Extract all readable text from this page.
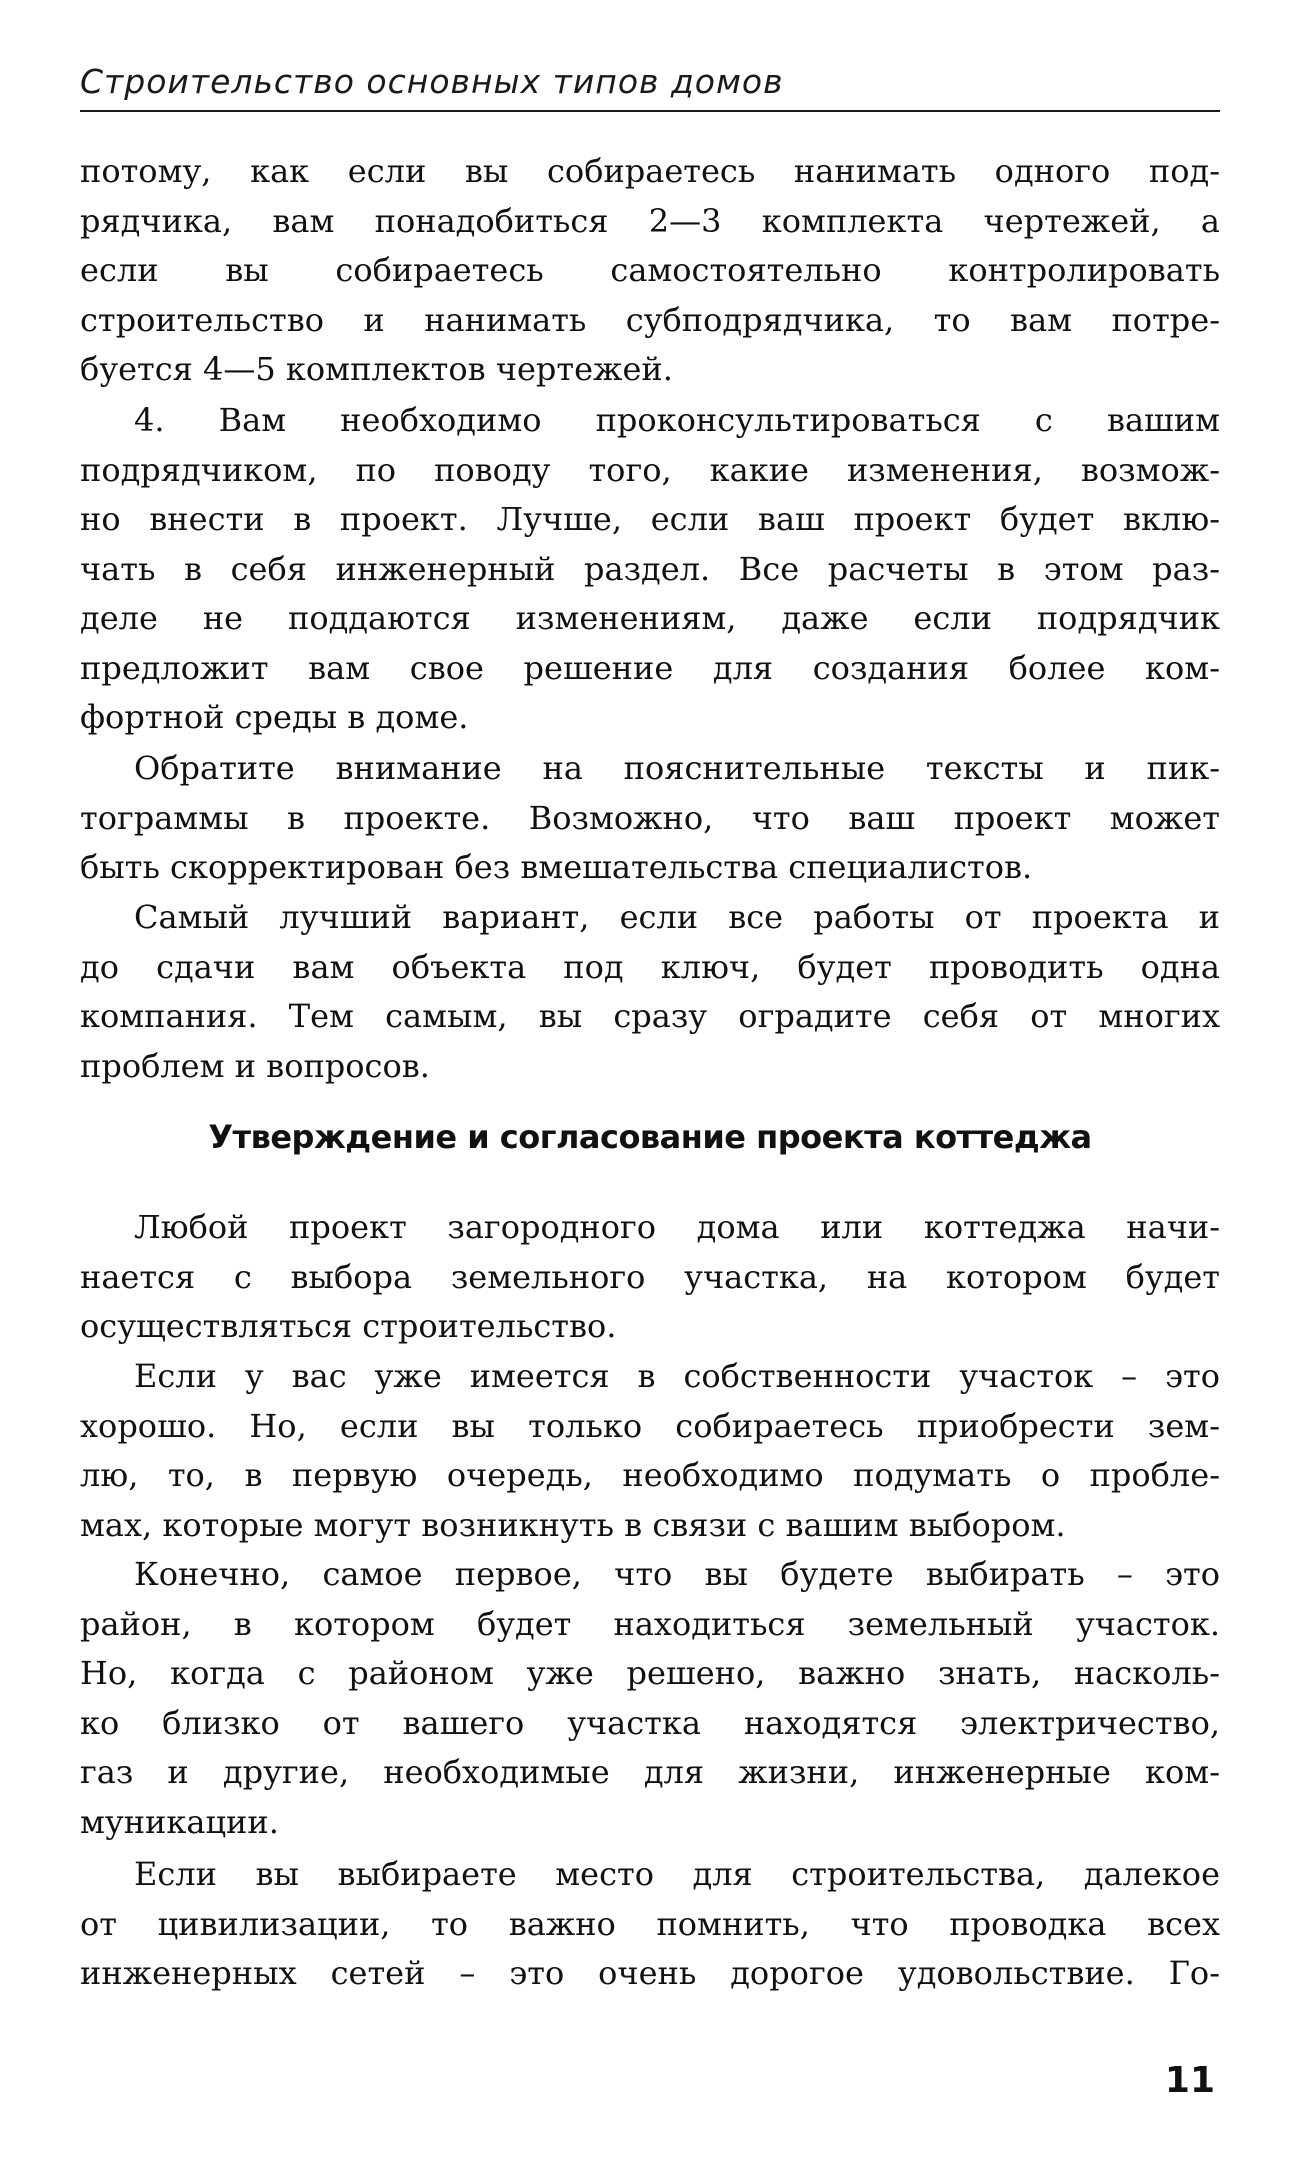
Строительство основных типов домов
потому, как если вы собираетесь нанимать одного под-
рядчика, вам понадобиться 2—3 комплекта чертежей, а
если вы собираетесь самостоятельно контролировать
строительство и нанимать субподрядчика, то вам потре-
буется 4—5 комплектов чертежей.
4. Вам необходимо проконсультироваться с вашим
подрядчиком, по поводу того, какие изменения, возмож-
но внести в проект. Лучше, если ваш проект будет вклю-
чать в себя инженерный раздел. Все расчеты в этом раз-
деле не поддаются изменениям, даже если подрядчик
предложит вам свое решение для создания более ком-
фортной среды в доме.
Обратите внимание на пояснительные тексты и пик-
тограммы в проекте. Возможно, что ваш проект может
быть скорректирован без вмешательства специалистов.
Самый лучший вариант, если все работы от проекта и
до сдачи вам объекта под ключ, будет проводить одна
компания. Тем самым, вы сразу оградите себя от многих
проблем и вопросов.
Утверждение и согласование проекта коттеджа
Любой проект загородного дома или коттеджа начи-
нается с выбора земельного участка, на котором будет
осуществляться строительство.
Если у вас уже имеется в собственности участок – это
хорошо. Но, если вы только собираетесь приобрести зем-
лю, то, в первую очередь, необходимо подумать о пробле-
мах, которые могут возникнуть в связи с вашим выбором.
Конечно, самое первое, что вы будете выбирать – это
район, в котором будет находиться земельный участок.
Но, когда с районом уже решено, важно знать, насколь-
ко близко от вашего участка находятся электричество,
газ и другие, необходимые для жизни, инженерные ком-
муникации.
Если вы выбираете место для строительства, далекое
от цивилизации, то важно помнить, что проводка всех
инженерных сетей – это очень дорогое удовольствие. Го-
11
